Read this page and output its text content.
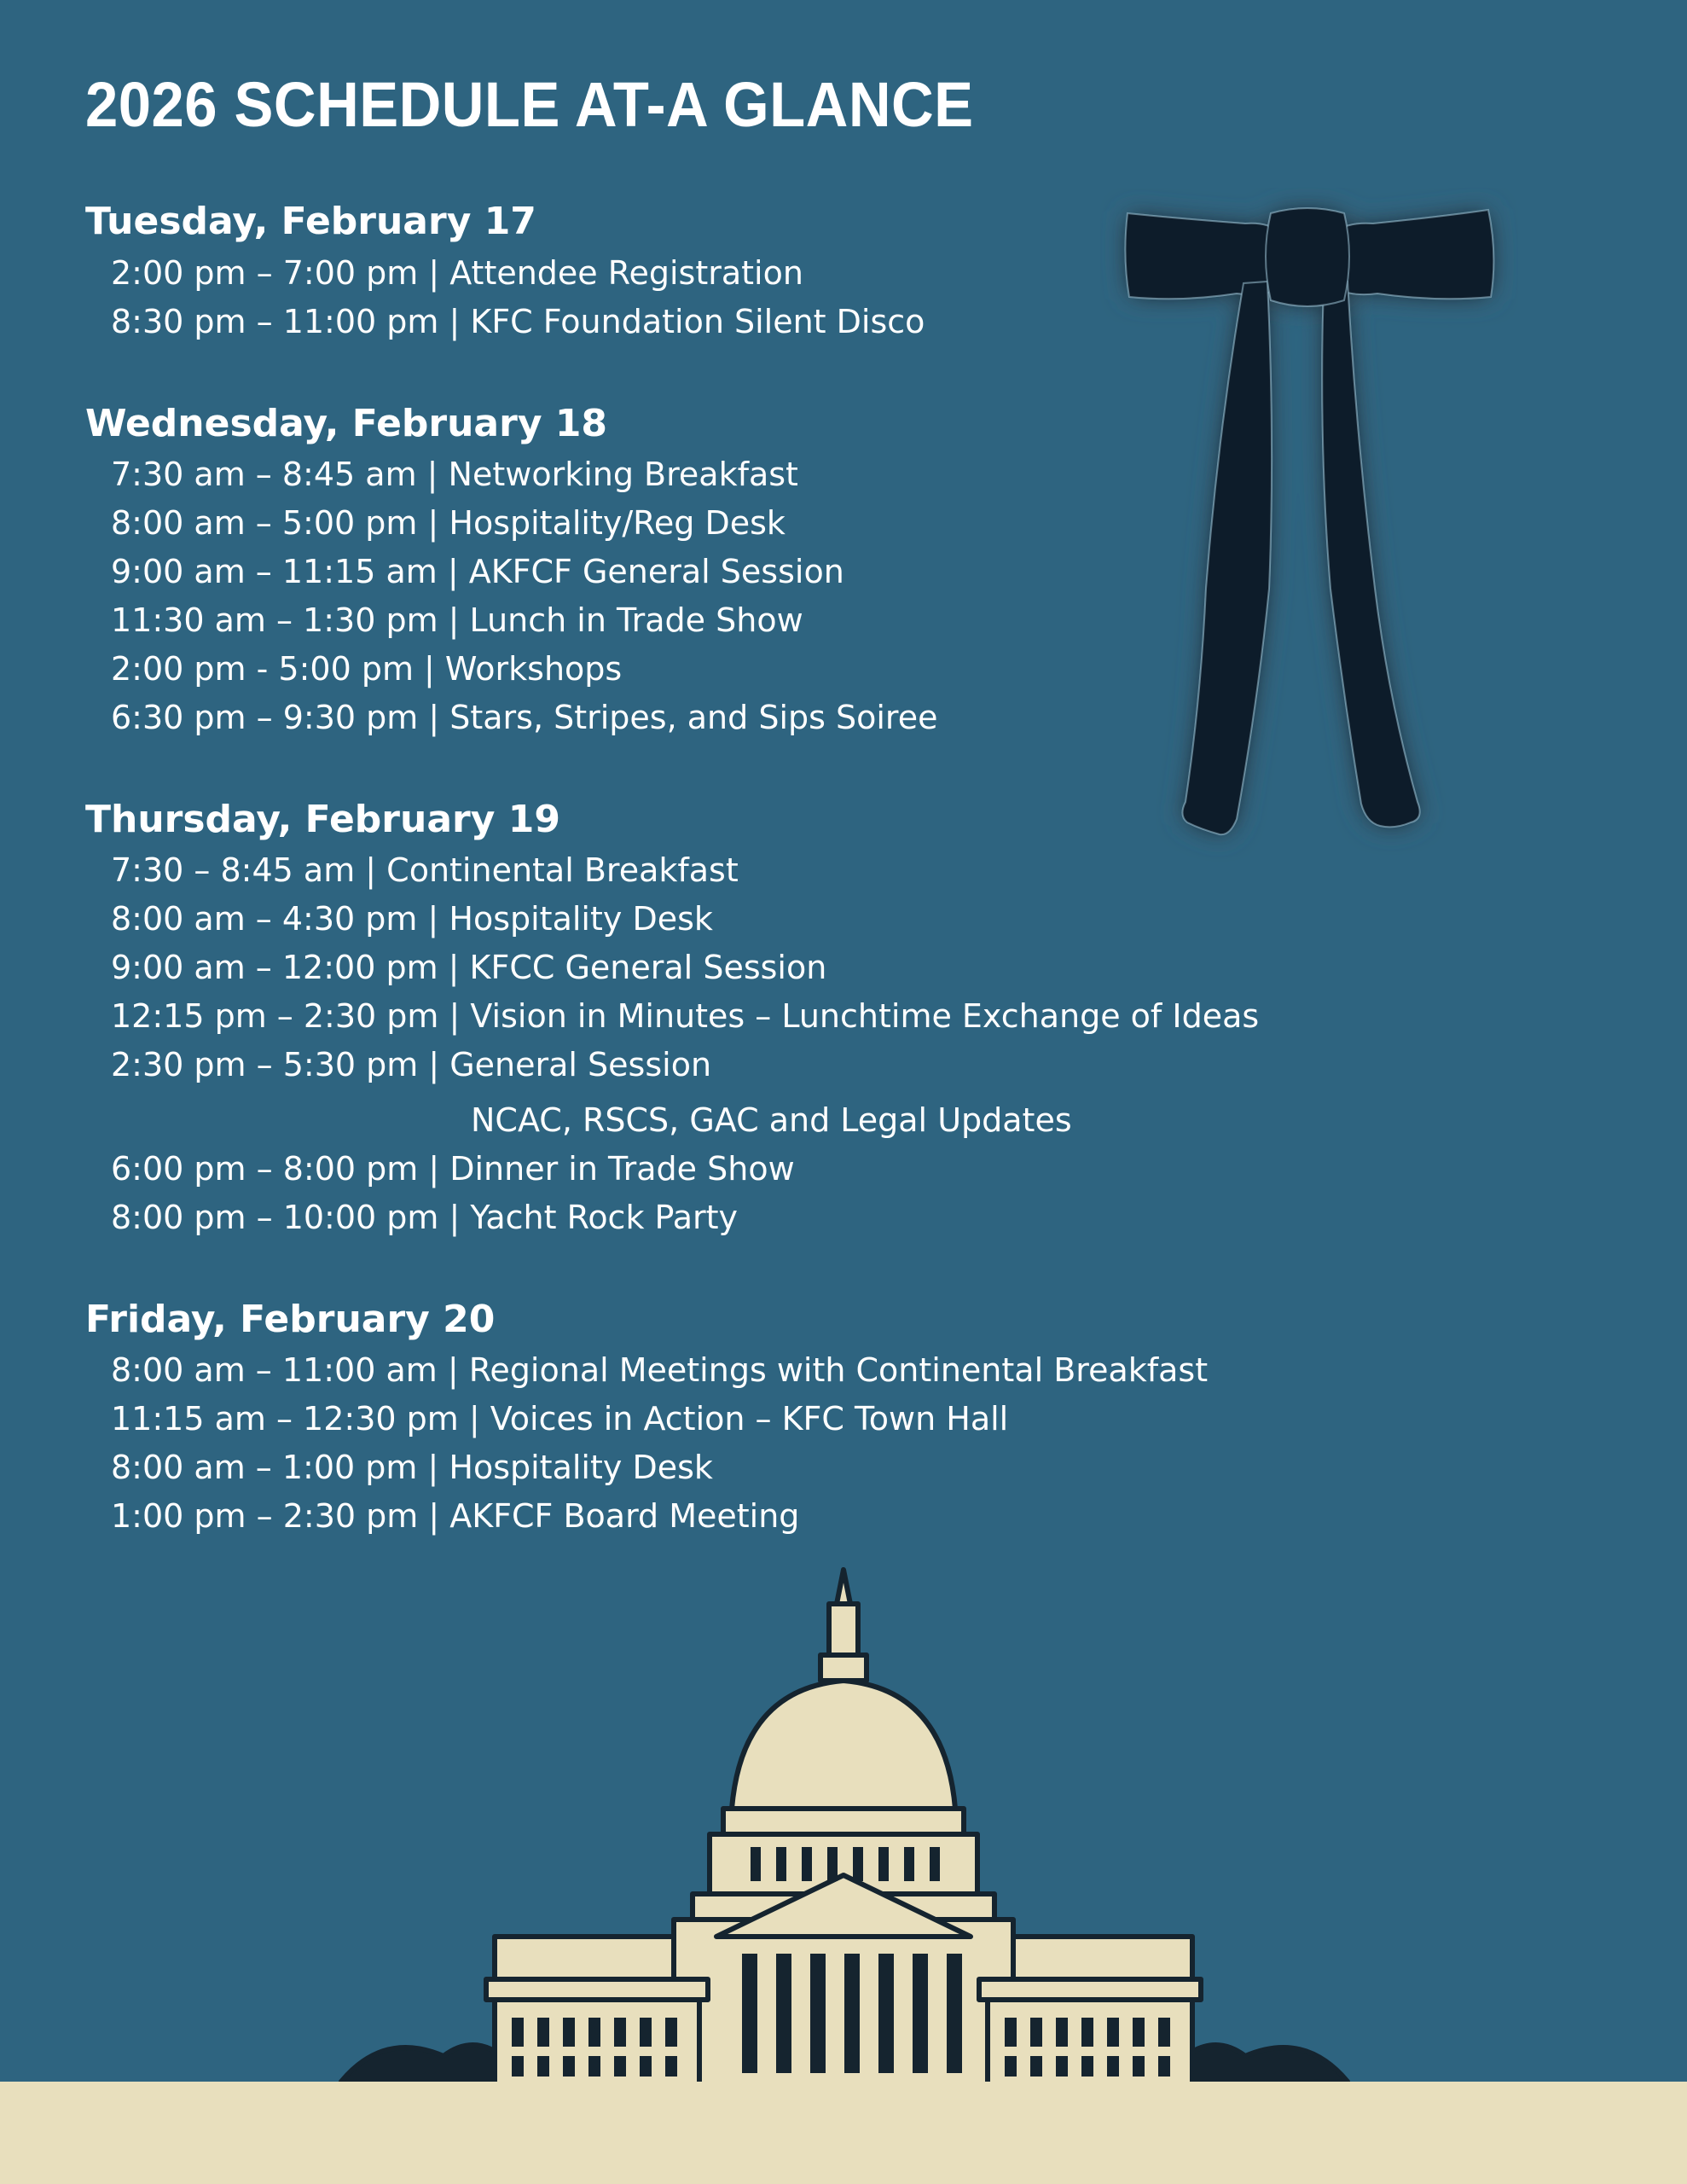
2026 SCHEDULE AT-A GLANCE
Tuesday, February 17
2:00 pm – 7:00 pm | Attendee Registration
8:30 pm – 11:00 pm | KFC Foundation Silent Disco
Wednesday, February 18
7:30 am – 8:45 am | Networking Breakfast
8:00 am – 5:00 pm | Hospitality/Reg Desk
9:00 am – 11:15 am | AKFCF General Session
11:30 am – 1:30 pm | Lunch in Trade Show
2:00 pm - 5:00 pm | Workshops
6:30 pm – 9:30 pm | Stars, Stripes, and Sips Soiree
Thursday, February 19
7:30 – 8:45 am | Continental Breakfast
8:00 am – 4:30 pm | Hospitality Desk
9:00 am – 12:00 pm | KFCC General Session
12:15 pm – 2:30 pm | Vision in Minutes – Lunchtime Exchange of Ideas
2:30 pm – 5:30 pm | General Session
NCAC, RSCS, GAC and Legal Updates
6:00 pm – 8:00 pm | Dinner in Trade Show
8:00 pm – 10:00 pm | Yacht Rock Party
Friday, February 20
8:00 am – 11:00 am | Regional Meetings with Continental Breakfast
11:15 am – 12:30 pm | Voices in Action – KFC Town Hall
8:00 am – 1:00 pm | Hospitality Desk
1:00 pm – 2:30 pm | AKFCF Board Meeting
